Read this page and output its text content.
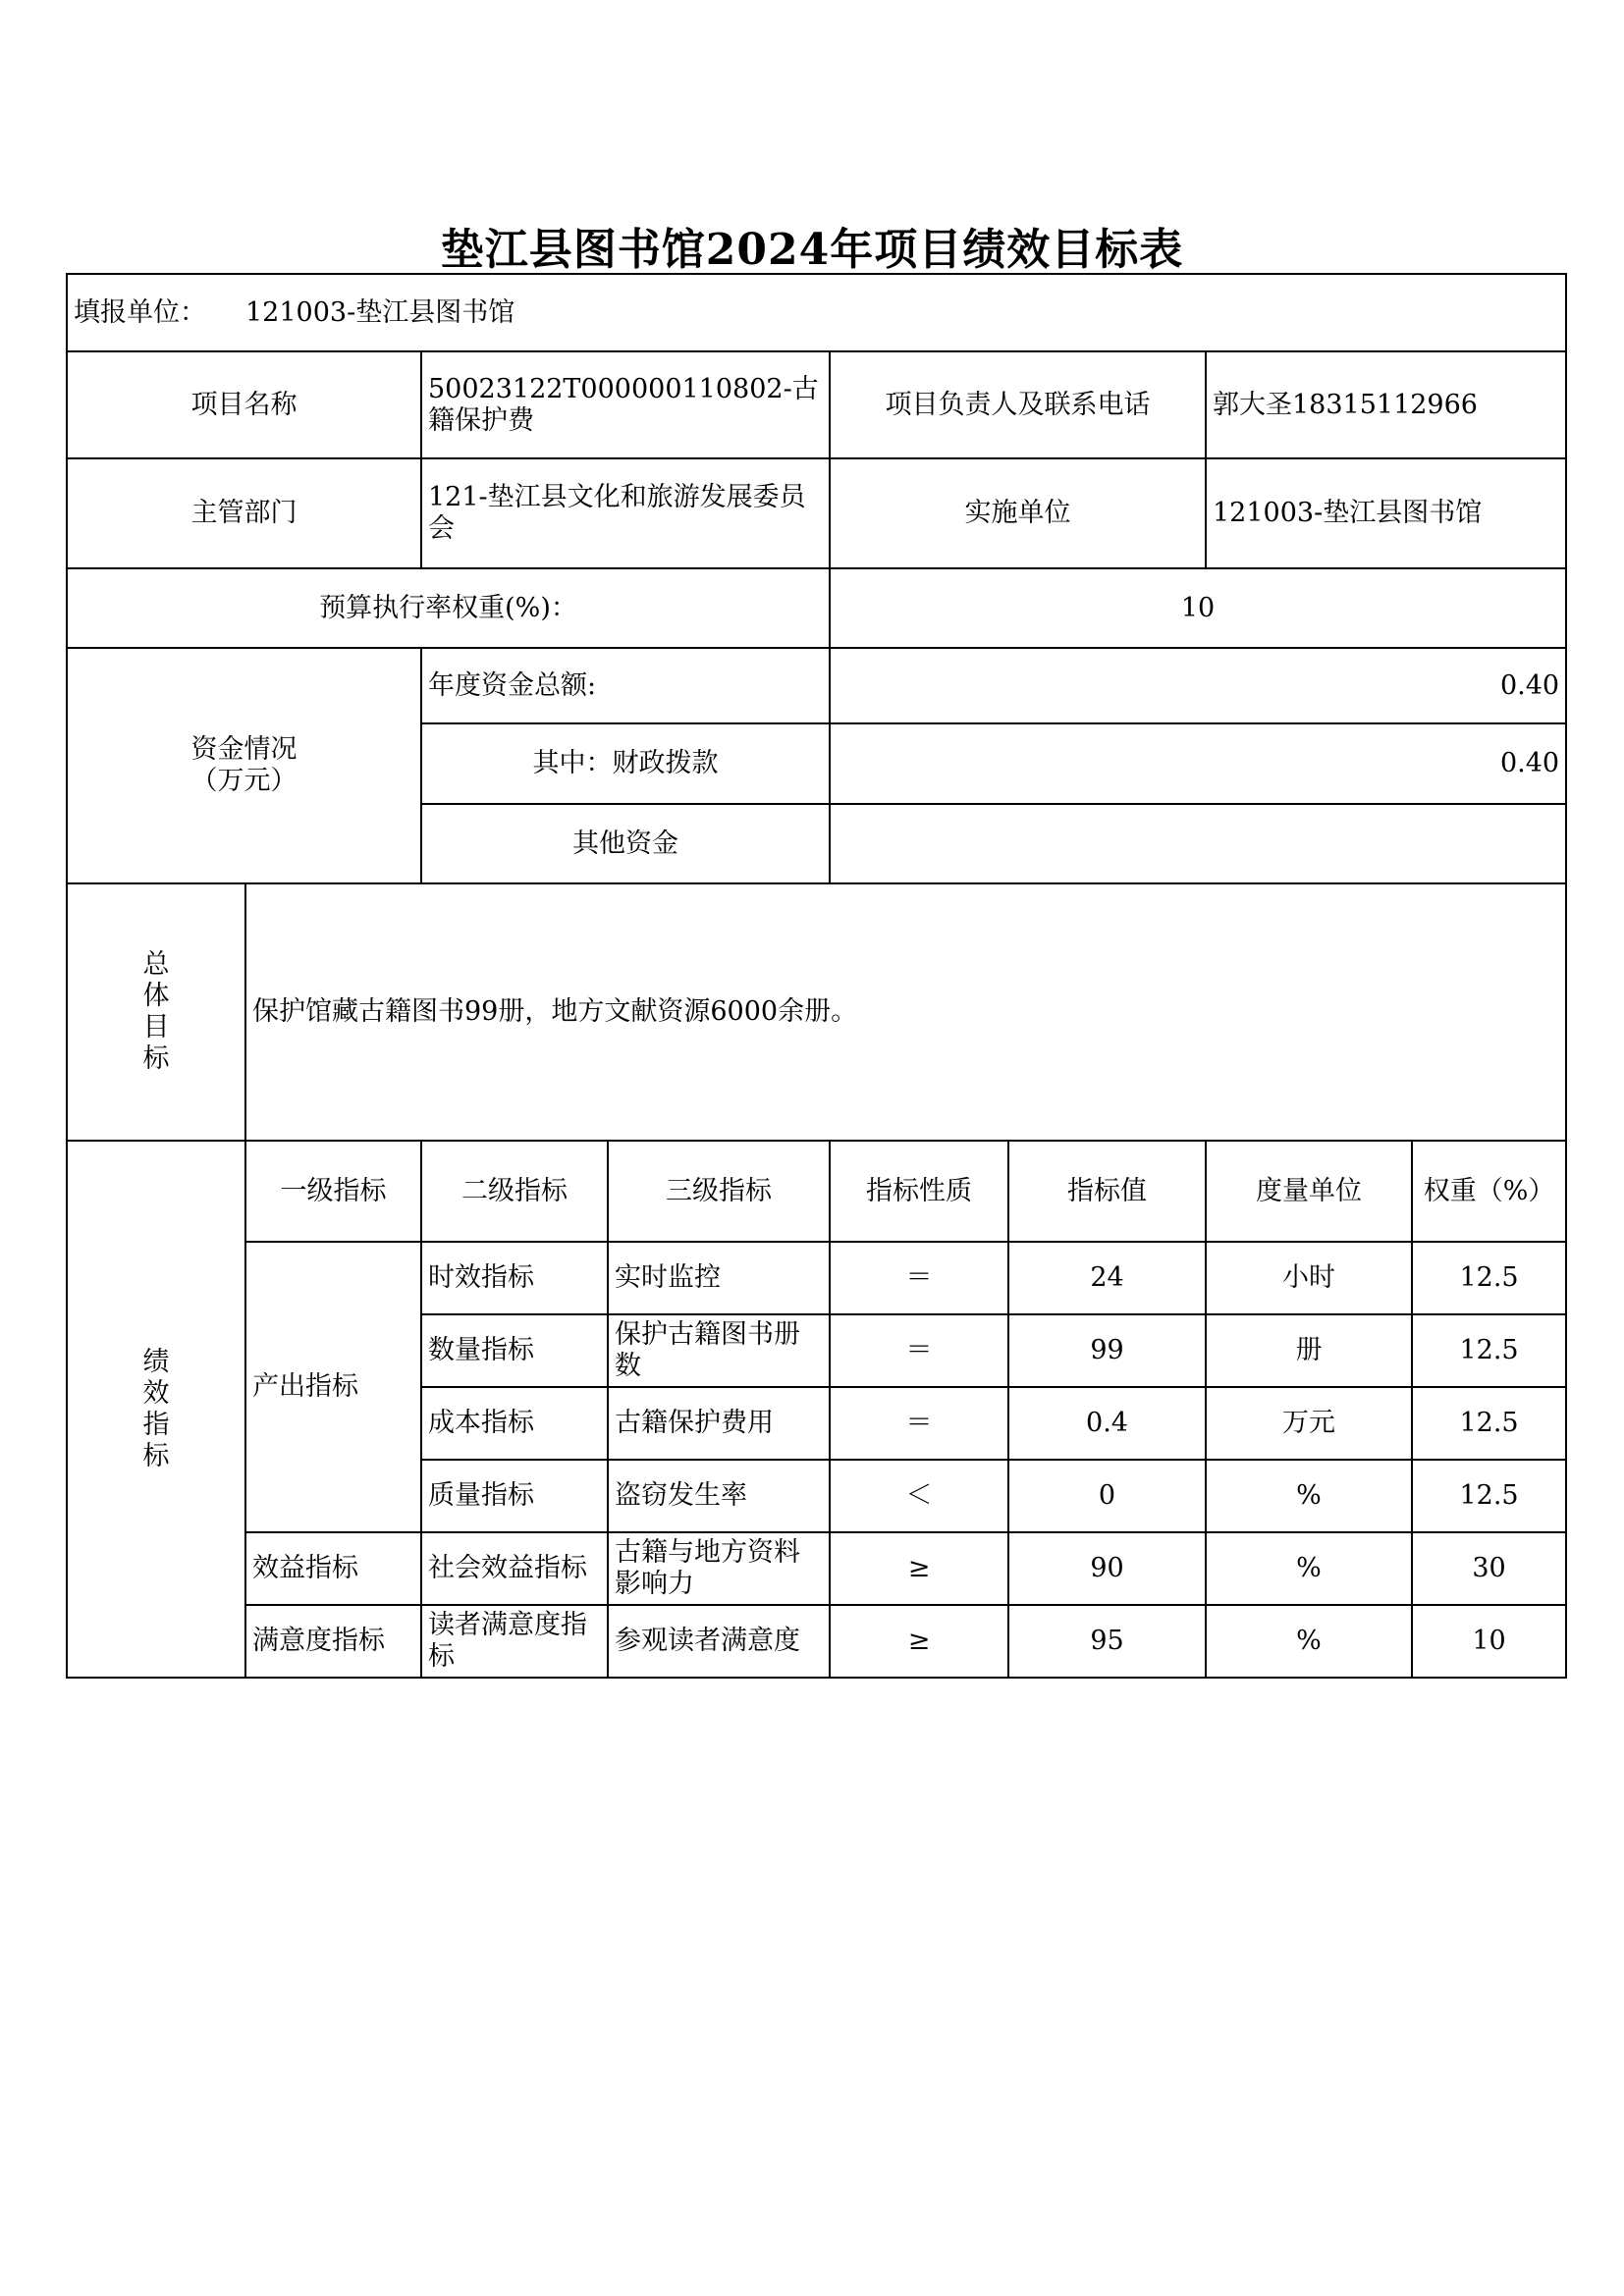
垫江县图书馆2024年项目绩效目标表
填报单位： 121003-垫江县图书馆							
项目名称		50023122T000000110802-古籍保护费		项目负责人及联系电话		郭大圣18315112966	
主管部门		121-垫江县文化和旅游发展委员会		实施单位		121003-垫江县图书馆	
预算执行率权重(%)：				10			
资金情况
（万元）		年度资金总额:		0.40			
		其中：财政拨款		0.40			
		其他资金					

总
体
目
标	保护馆藏古籍图书99册，地方文献资源6000余册。						

绩
效
指
标	一级指标	二级指标	三级指标	指标性质	指标值	度量单位	权重（%）
	产出指标	时效指标	实时监控	＝	24	小时	12.5
		数量指标	保护古籍图书册数	＝	99	册	12.5
		成本指标	古籍保护费用	＝	0.4	万元	12.5
		质量指标	盗窃发生率	＜	0	%	12.5
	效益指标	社会效益指标	古籍与地方资料影响力	≥	90	%	30
	满意度指标	读者满意度指标	参观读者满意度	≥	95	%	10
